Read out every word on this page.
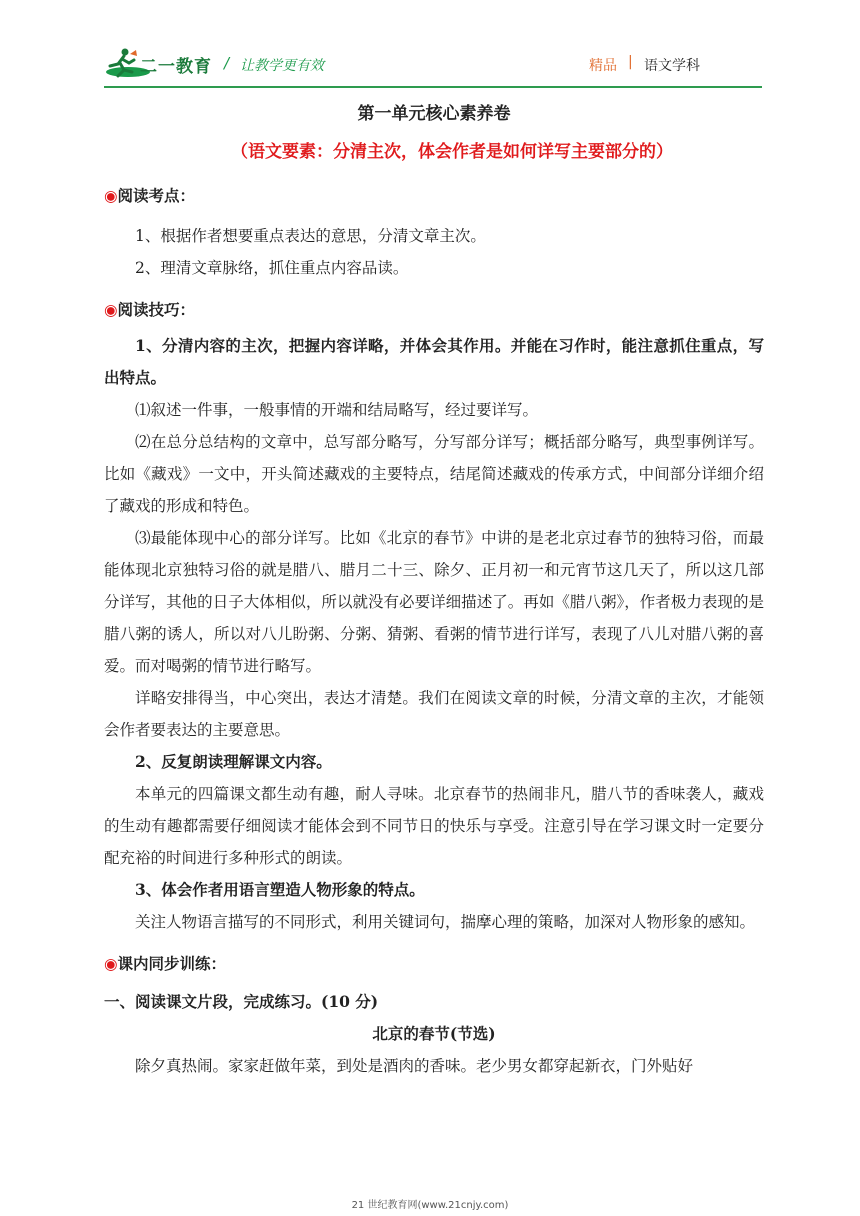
二一教育 / 让教学更有效	精品 | 语文学科
第一单元核心素养卷
（语文要素：分清主次，体会作者是如何详写主要部分的）

◉阅读考点：

1、根据作者想要重点表达的意思，分清文章主次。

2、理清文章脉络，抓住重点内容品读。

◉阅读技巧：

1、分清内容的主次，把握内容详略，并体会其作用。并能在习作时，能注意抓住重点，写出特点。

⑴叙述一件事，一般事情的开端和结局略写，经过要详写。

⑵在总分总结构的文章中，总写部分略写，分写部分详写；概括部分略写，典型事例详写。比如《藏戏》一文中，开头简述藏戏的主要特点，结尾简述藏戏的传承方式，中间部分详细介绍了藏戏的形成和特色。

⑶最能体现中心的部分详写。比如《北京的春节》中讲的是老北京过春节的独特习俗，而最能体现北京独特习俗的就是腊八、腊月二十三、除夕、正月初一和元宵节这几天了，所以这几部分详写，其他的日子大体相似，所以就没有必要详细描述了。再如《腊八粥》，作者极力表现的是腊八粥的诱人，所以对八儿盼粥、分粥、猜粥、看粥的情节进行详写，表现了八儿对腊八粥的喜爱。而对喝粥的情节进行略写。

详略安排得当，中心突出，表达才清楚。我们在阅读文章的时候，分清文章的主次，才能领会作者要表达的主要意思。

2、反复朗读理解课文内容。

本单元的四篇课文都生动有趣，耐人寻味。北京春节的热闹非凡，腊八节的香味袭人，藏戏的生动有趣都需要仔细阅读才能体会到不同节日的快乐与享受。注意引导在学习课文时一定要分配充裕的时间进行多种形式的朗读。

3、体会作者用语言塑造人物形象的特点。

关注人物语言描写的不同形式，利用关键词句，揣摩心理的策略，加深对人物形象的感知。

◉课内同步训练：

一、阅读课文片段，完成练习。(10 分)

北京的春节(节选)

除夕真热闹。家家赶做年菜，到处是酒肉的香味。老少男女都穿起新衣，门外贴好

21 世纪教育网(www.21cnjy.com)
